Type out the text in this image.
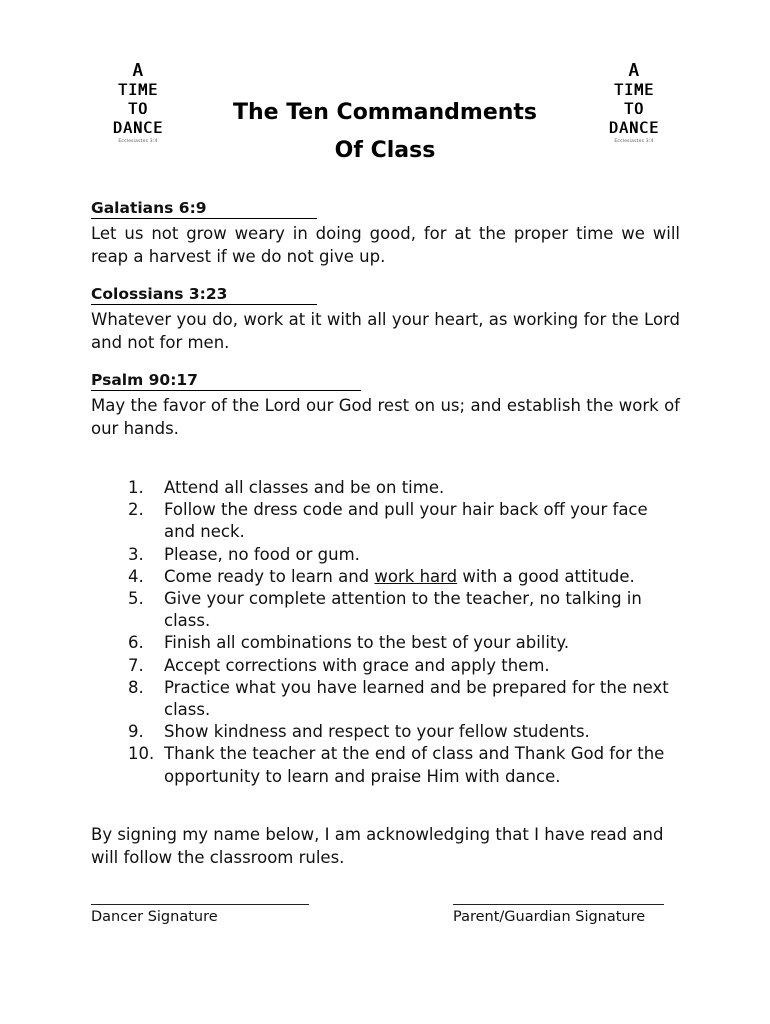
A
TIME
TO
DANCE
Ecclesiastes 3:4
A
TIME
TO
DANCE
Ecclesiastes 3:4
The Ten Commandments
Of Class
Galatians 6:9
Let us not grow weary in doing good, for at the proper time we will reap a harvest if we do not give up.
Colossians 3:23
Whatever you do, work at it with all your heart, as working for the Lord and not for men.
Psalm 90:17
May the favor of the Lord our God rest on us; and establish the work of our hands.
1.	Attend all classes and be on time.
2.	Follow the dress code and pull your hair back off your face and neck.
3.	Please, no food or gum.
4.	Come ready to learn and work hard with a good attitude.
5.	Give your complete attention to the teacher, no talking in class.
6.	Finish all combinations to the best of your ability.
7.	Accept corrections with grace and apply them.
8.	Practice what you have learned and be prepared for the next class.
9.	Show kindness and respect to your fellow students.
10. Thank the teacher at the end of class and Thank God for the opportunity to learn and praise Him with dance.
By signing my name below, I am acknowledging that I have read and will follow the classroom rules.
Dancer Signature	Parent/Guardian Signature
